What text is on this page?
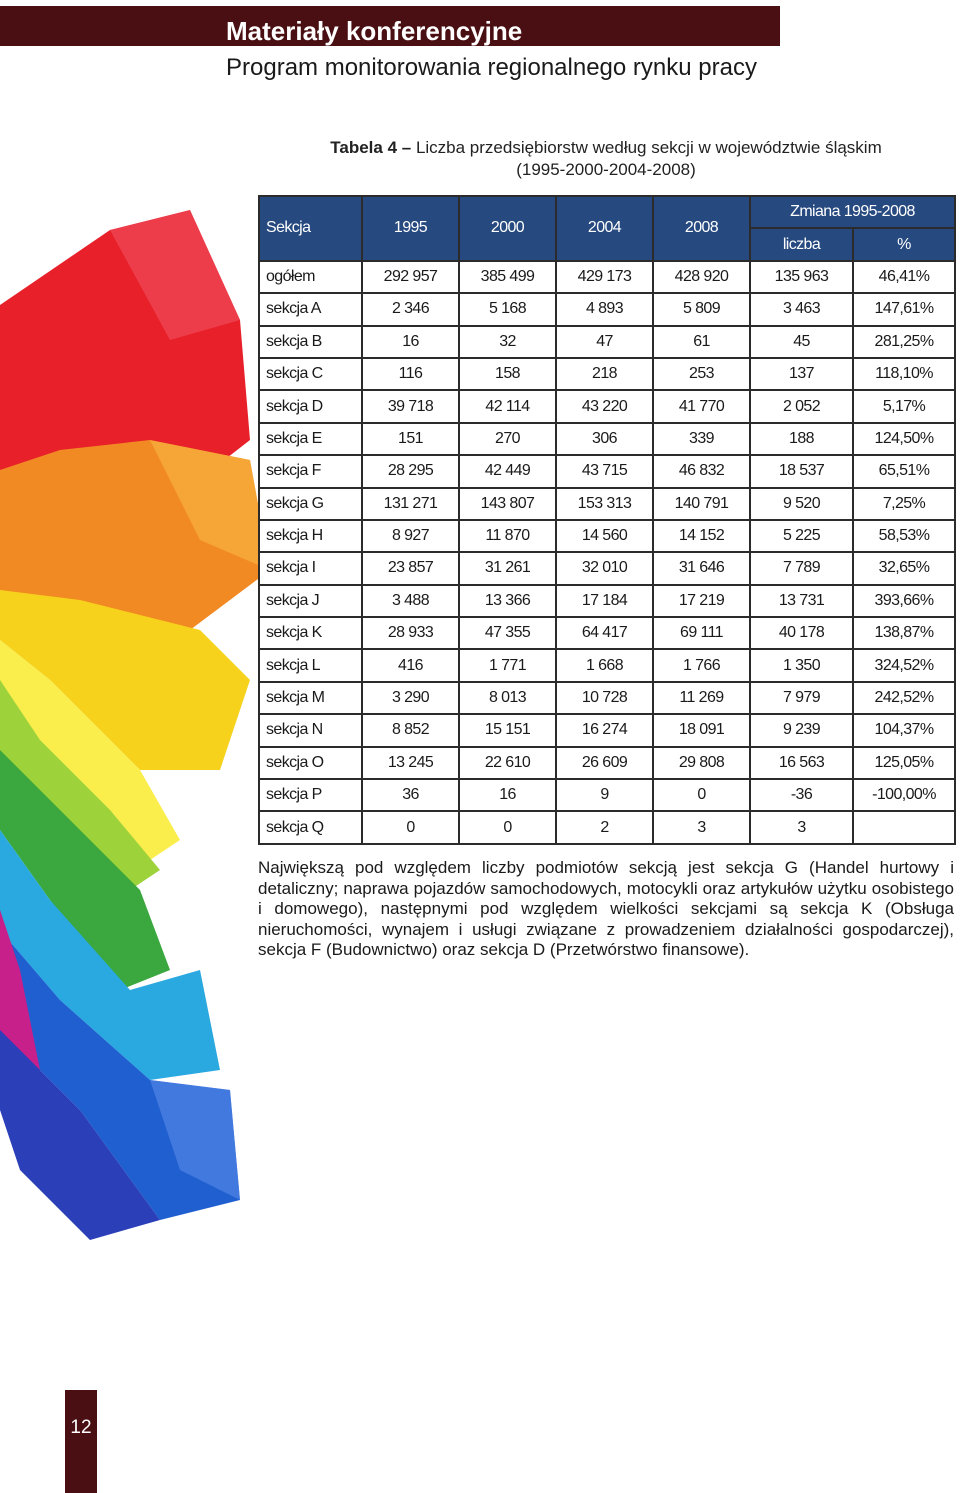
Materiały konferencyjne
Program monitorowania regionalnego rynku pracy
Tabela 4 – Liczba przedsiębiorstw według sekcji w województwie śląskim
(1995-2000-2004-2008)
Sekcja	1995	2000	2004	2008	Zmiana 1995-2008	
					liczba	%
ogółem	292 957	385 499	429 173	428 920	135 963	46,41%
sekcja A	2 346	5 168	4 893	5 809	3 463	147,61%
sekcja B	16	32	47	61	45	281,25%
sekcja C	116	158	218	253	137	118,10%
sekcja D	39 718	42 114	43 220	41 770	2 052	5,17%
sekcja E	151	270	306	339	188	124,50%
sekcja F	28 295	42 449	43 715	46 832	18 537	65,51%
sekcja G	131 271	143 807	153 313	140 791	9 520	7,25%
sekcja H	8 927	11 870	14 560	14 152	5 225	58,53%
sekcja I	23 857	31 261	32 010	31 646	7 789	32,65%
sekcja J	3 488	13 366	17 184	17 219	13 731	393,66%
sekcja K	28 933	47 355	64 417	69 111	40 178	138,87%
sekcja L	416	1 771	1 668	1 766	1 350	324,52%
sekcja M	3 290	8 013	10 728	11 269	7 979	242,52%
sekcja N	8 852	15 151	16 274	18 091	9 239	104,37%
sekcja O	13 245	22 610	26 609	29 808	16 563	125,05%
sekcja P	36	16	9	0	-36	-100,00%
sekcja Q	0	0	2	3	3	
Największą pod względem liczby podmiotów sekcją jest sekcja G (Handel hurtowy i detaliczny; naprawa pojazdów samochodowych, motocykli oraz artykułów użytku osobistego i domowego), następnymi pod względem wielkości sekcjami są sekcja K (Obsługa nieruchomości, wynajem i usługi związane z prowadzeniem działalności gospodarczej), sekcja F (Budownictwo) oraz sekcja D (Przetwórstwo finansowe).
12
